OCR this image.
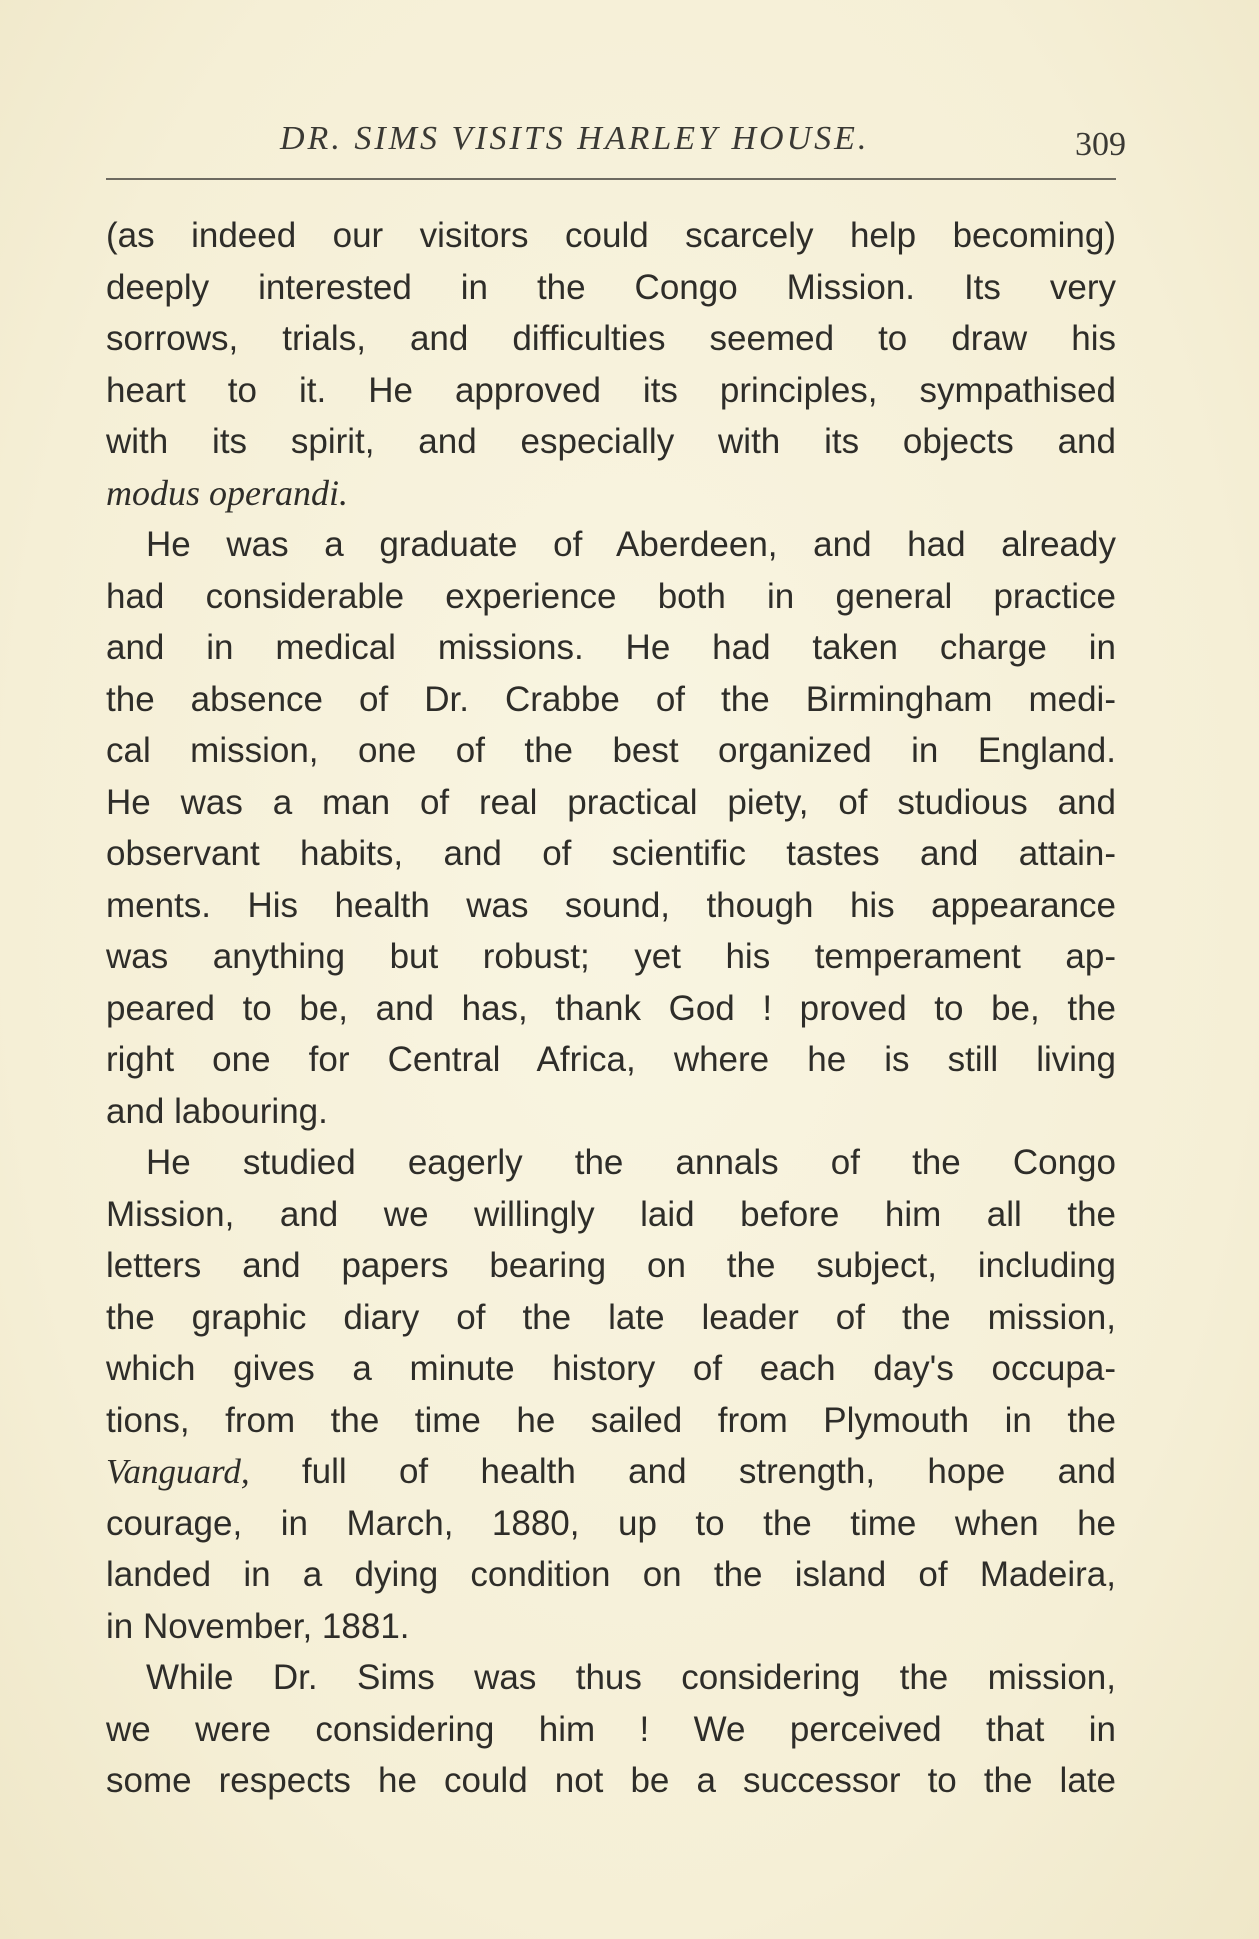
DR. SIMS VISITS HARLEY HOUSE.	309
(as indeed our visitors could scarcely help becoming)
deeply interested in the Congo Mission. Its very
sorrows, trials, and difficulties seemed to draw his
heart to it. He approved its principles, sympathised
with its spirit, and especially with its objects and
modus operandi.
He was a graduate of Aberdeen, and had already
had considerable experience both in general practice
and in medical missions. He had taken charge in
the absence of Dr. Crabbe of the Birmingham medi-
cal mission, one of the best organized in England.
He was a man of real practical piety, of studious and
observant habits, and of scientific tastes and attain-
ments. His health was sound, though his appearance
was anything but robust; yet his temperament ap-
peared to be, and has, thank God ! proved to be, the
right one for Central Africa, where he is still living
and labouring.
He studied eagerly the annals of the Congo
Mission, and we willingly laid before him all the
letters and papers bearing on the subject, including
the graphic diary of the late leader of the mission,
which gives a minute history of each day's occupa-
tions, from the time he sailed from Plymouth in the
Vanguard, full of health and strength, hope and
courage, in March, 1880, up to the time when he
landed in a dying condition on the island of Madeira,
in November, 1881.
While Dr. Sims was thus considering the mission,
we were considering him ! We perceived that in
some respects he could not be a successor to the late
